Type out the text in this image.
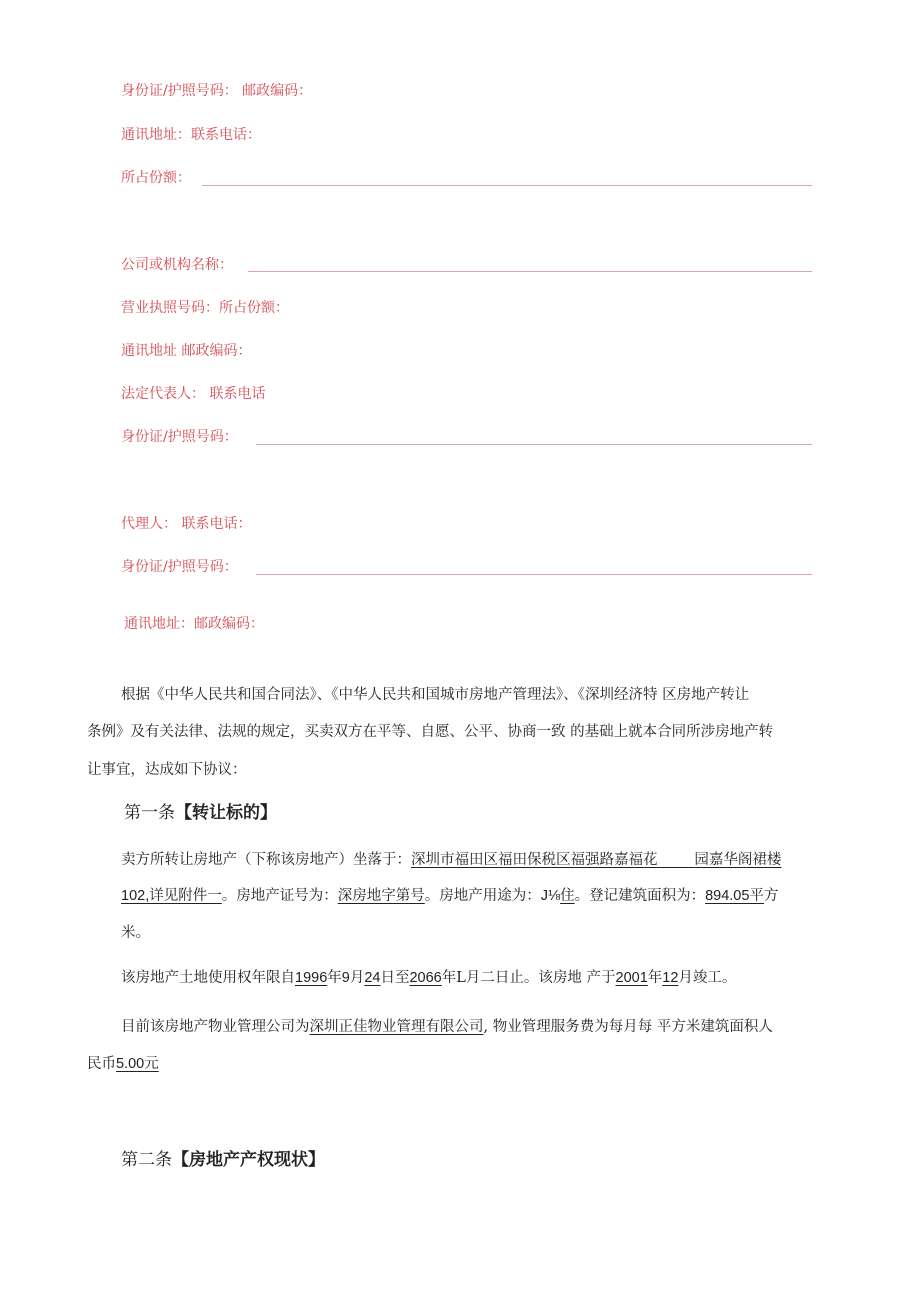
身份证/护照号码： 邮政编码：
通讯地址：联系电话：
所占份额：
公司或机构名称：
营业执照号码：所占份额：
通讯地址 邮政编码：
法定代表人： 联系电话
身份证/护照号码：
代理人： 联系电话：
身份证/护照号码：
通讯地址：邮政编码：
根据《中华人民共和国合同法》、《中华人民共和国城市房地产管理法》、《深圳经济特 区房地产转让
条例》及有关法律、法规的规定，买卖双方在平等、自愿、公平、协商一致 的基础上就本合同所涉房地产转
让事宜，达成如下协议：
第一条【转让标的】
卖方所转让房地产（下称该房地产）坐落于：深圳市福田区福田保税区福强路嘉福花	园嘉华阁裙楼
102,详见附件一。房地产证号为：深房地字第号。房地产用途为：J⅛住。登记建筑面积为：894.05平方
米。
该房地产土地使用权年限自1996年9月24日至2066年L月二日止。该房地 产于2001年12月竣工。
目前该房地产物业管理公司为深圳正佳物业管理有限公司, 物业管理服务费为每月每 平方米建筑面积人
民币5.00元
第二条【房地产产权现状】
